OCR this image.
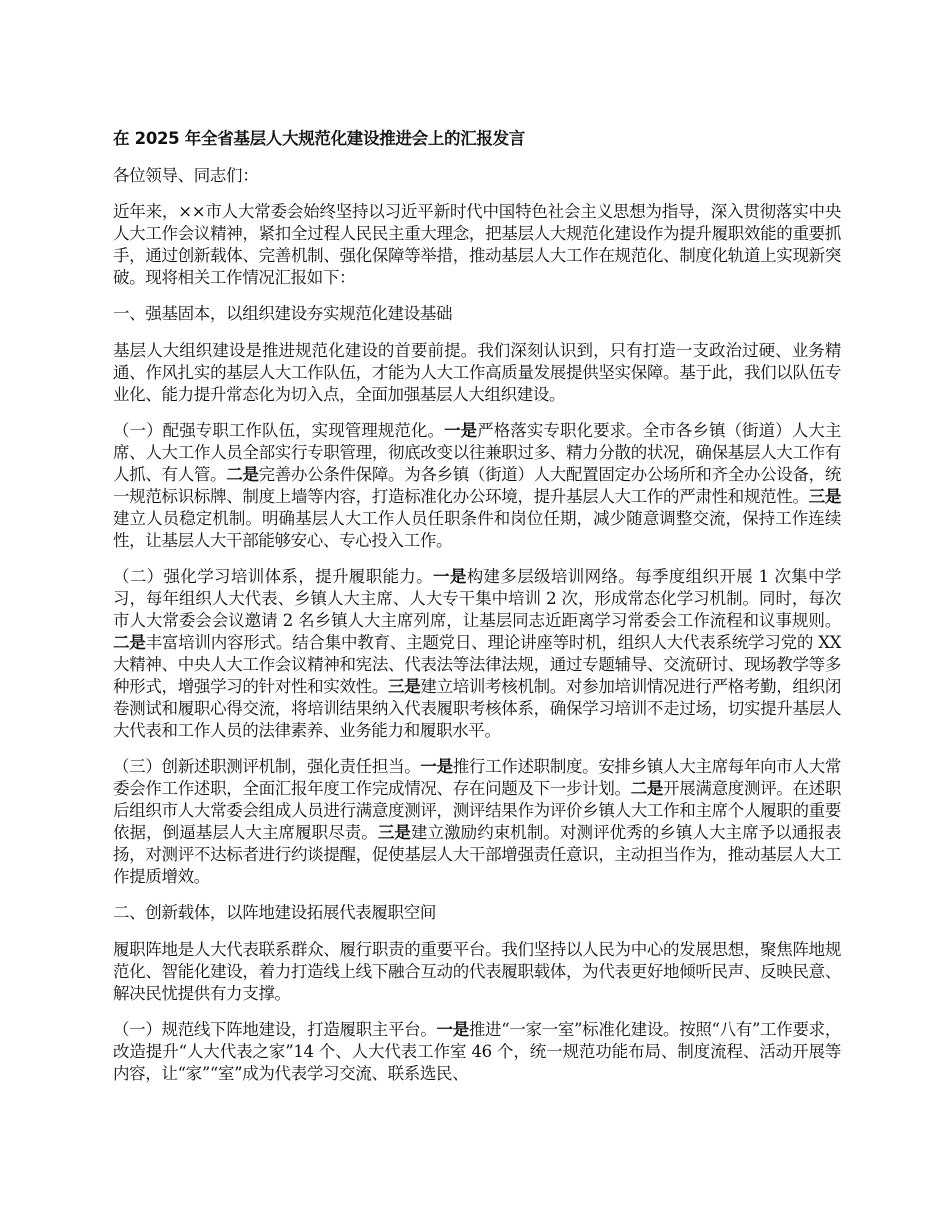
在 2025 年全省基层人大规范化建设推进会上的汇报发言

各位领导、同志们：

近年来，××市人大常委会始终坚持以习近平新时代中国特色社会主义思想为指导，深入贯彻落实中央人大工作会议精神，紧扣全过程人民民主重大理念，把基层人大规范化建设作为提升履职效能的重要抓手，通过创新载体、完善机制、强化保障等举措，推动基层人大工作在规范化、制度化轨道上实现新突破。现将相关工作情况汇报如下：

一、强基固本，以组织建设夯实规范化建设基础

基层人大组织建设是推进规范化建设的首要前提。我们深刻认识到，只有打造一支政治过硬、业务精通、作风扎实的基层人大工作队伍，才能为人大工作高质量发展提供坚实保障。基于此，我们以队伍专业化、能力提升常态化为切入点，全面加强基层人大组织建设。

（一）配强专职工作队伍，实现管理规范化。一是严格落实专职化要求。全市各乡镇（街道）人大主席、人大工作人员全部实行专职管理，彻底改变以往兼职过多、精力分散的状况，确保基层人大工作有人抓、有人管。二是完善办公条件保障。为各乡镇（街道）人大配置固定办公场所和齐全办公设备，统一规范标识标牌、制度上墙等内容，打造标准化办公环境，提升基层人大工作的严肃性和规范性。三是建立人员稳定机制。明确基层人大工作人员任职条件和岗位任期，减少随意调整交流，保持工作连续性，让基层人大干部能够安心、专心投入工作。

（二）强化学习培训体系，提升履职能力。一是构建多层级培训网络。每季度组织开展 1 次集中学习，每年组织人大代表、乡镇人大主席、人大专干集中培训 2 次，形成常态化学习机制。同时，每次市人大常委会会议邀请 2 名乡镇人大主席列席，让基层同志近距离学习常委会工作流程和议事规则。二是丰富培训内容形式。结合集中教育、主题党日、理论讲座等时机，组织人大代表系统学习党的 XX 大精神、中央人大工作会议精神和宪法、代表法等法律法规，通过专题辅导、交流研讨、现场教学等多种形式，增强学习的针对性和实效性。三是建立培训考核机制。对参加培训情况进行严格考勤，组织闭卷测试和履职心得交流，将培训结果纳入代表履职考核体系，确保学习培训不走过场，切实提升基层人大代表和工作人员的法律素养、业务能力和履职水平。

（三）创新述职测评机制，强化责任担当。一是推行工作述职制度。安排乡镇人大主席每年向市人大常委会作工作述职，全面汇报年度工作完成情况、存在问题及下一步计划。二是开展满意度测评。在述职后组织市人大常委会组成人员进行满意度测评，测评结果作为评价乡镇人大工作和主席个人履职的重要依据，倒逼基层人大主席履职尽责。三是建立激励约束机制。对测评优秀的乡镇人大主席予以通报表扬，对测评不达标者进行约谈提醒，促使基层人大干部增强责任意识，主动担当作为，推动基层人大工作提质增效。

二、创新载体，以阵地建设拓展代表履职空间

履职阵地是人大代表联系群众、履行职责的重要平台。我们坚持以人民为中心的发展思想，聚焦阵地规范化、智能化建设，着力打造线上线下融合互动的代表履职载体，为代表更好地倾听民声、反映民意、解决民忧提供有力支撑。

（一）规范线下阵地建设，打造履职主平台。一是推进“一家一室”标准化建设。按照“八有”工作要求，改造提升“人大代表之家”14 个、人大代表工作室 46 个，统一规范功能布局、制度流程、活动开展等内容，让“家”“室”成为代表学习交流、联系选民、
